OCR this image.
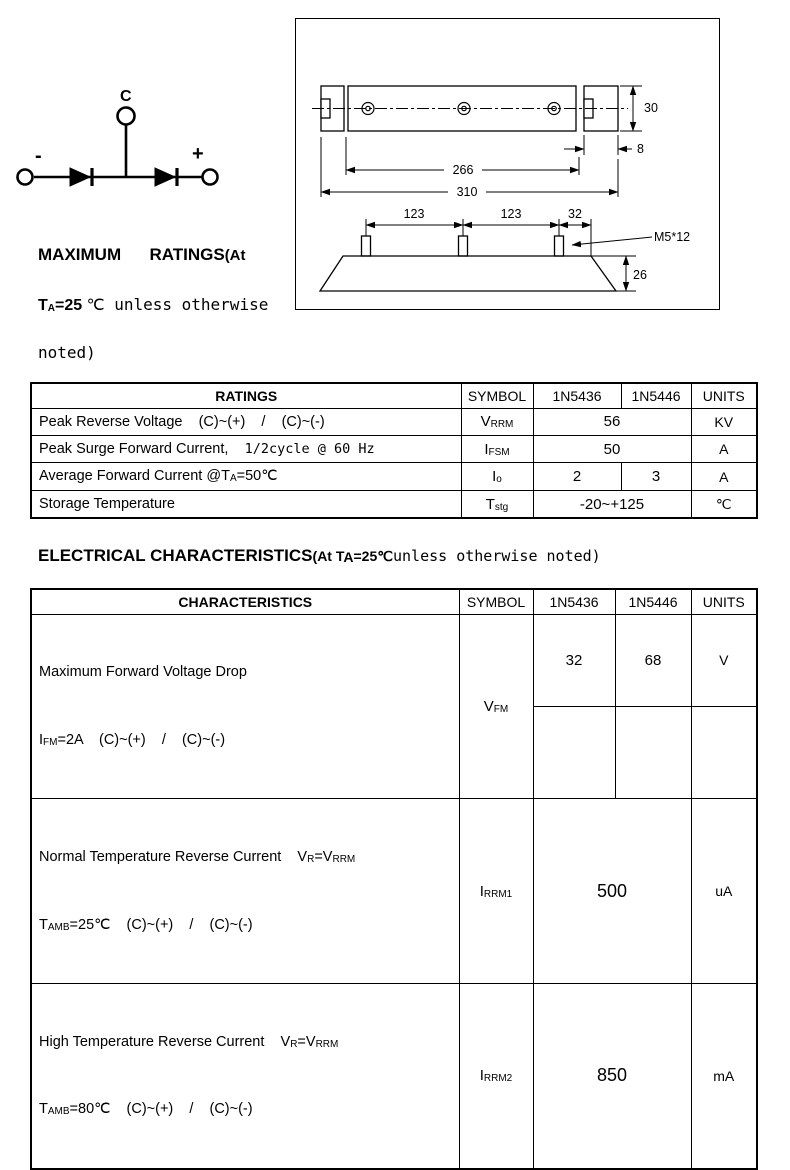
C
-	+
30
8
266
310
123	123	32
M5*12
26
MAXIMUM      RATINGS(At
TA=25 ℃ unless otherwise
noted)
RATINGS	SYMBOL	1N5436	1N5446	UNITS
Peak Reverse Voltage    (C)~(+)    /    (C)~(-)	VRRM	56		KV
Peak Surge Forward Current,  1/2cycle @ 60 Hz	IFSM	50		A
Average Forward Current @TA=50℃	Io	2	3	A
Storage Temperature	Tstg	-20~+125		℃
ELECTRICAL CHARACTERISTICS(At TA=25℃unless otherwise noted)
CHARACTERISTICS	SYMBOL	1N5436	1N5446	UNITS

Maximum Forward Voltage Drop

IFM=2A    (C)~(+)    /    (C)~(-)	VFM	32	68	V

Normal Temperature Reverse Current    VR=VRRM

TAMB=25℃    (C)~(+)    /    (C)~(-)	IRRM1	500		uA

High Temperature Reverse Current    VR=VRRM

TAMB=80℃    (C)~(+)    /    (C)~(-)	IRRM2	850		mA
